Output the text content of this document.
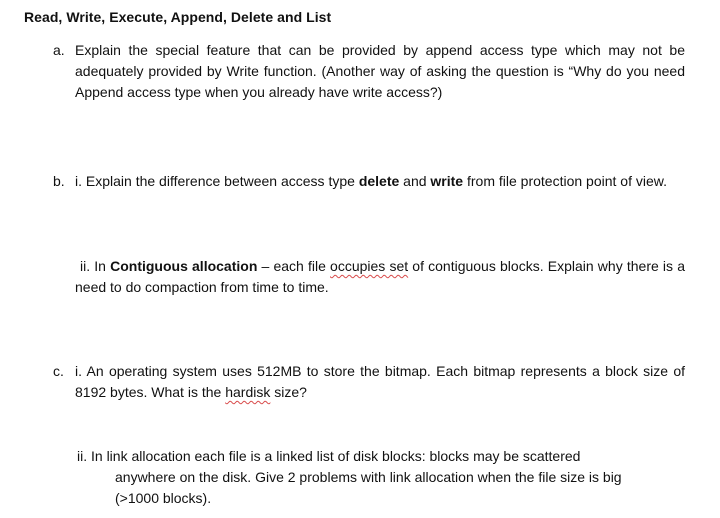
Read, Write, Execute, Append, Delete and List
a. Explain the special feature that can be provided by append access type which may not be adequately provided by Write function. (Another way of asking the question is “Why do you need Append access type when you already have write access?)
b. i. Explain the difference between access type delete and write from file protection point of view.
ii. In Contiguous allocation – each file occupies set of contiguous blocks. Explain why there is a need to do compaction from time to time.
c. i. An operating system uses 512MB to store the bitmap. Each bitmap represents a block size of 8192 bytes. What is the hardisk size?
ii. In link allocation each file is a linked list of disk blocks: blocks may be scattered
anywhere on the disk. Give 2 problems with link allocation when the file size is big (>1000 blocks).
